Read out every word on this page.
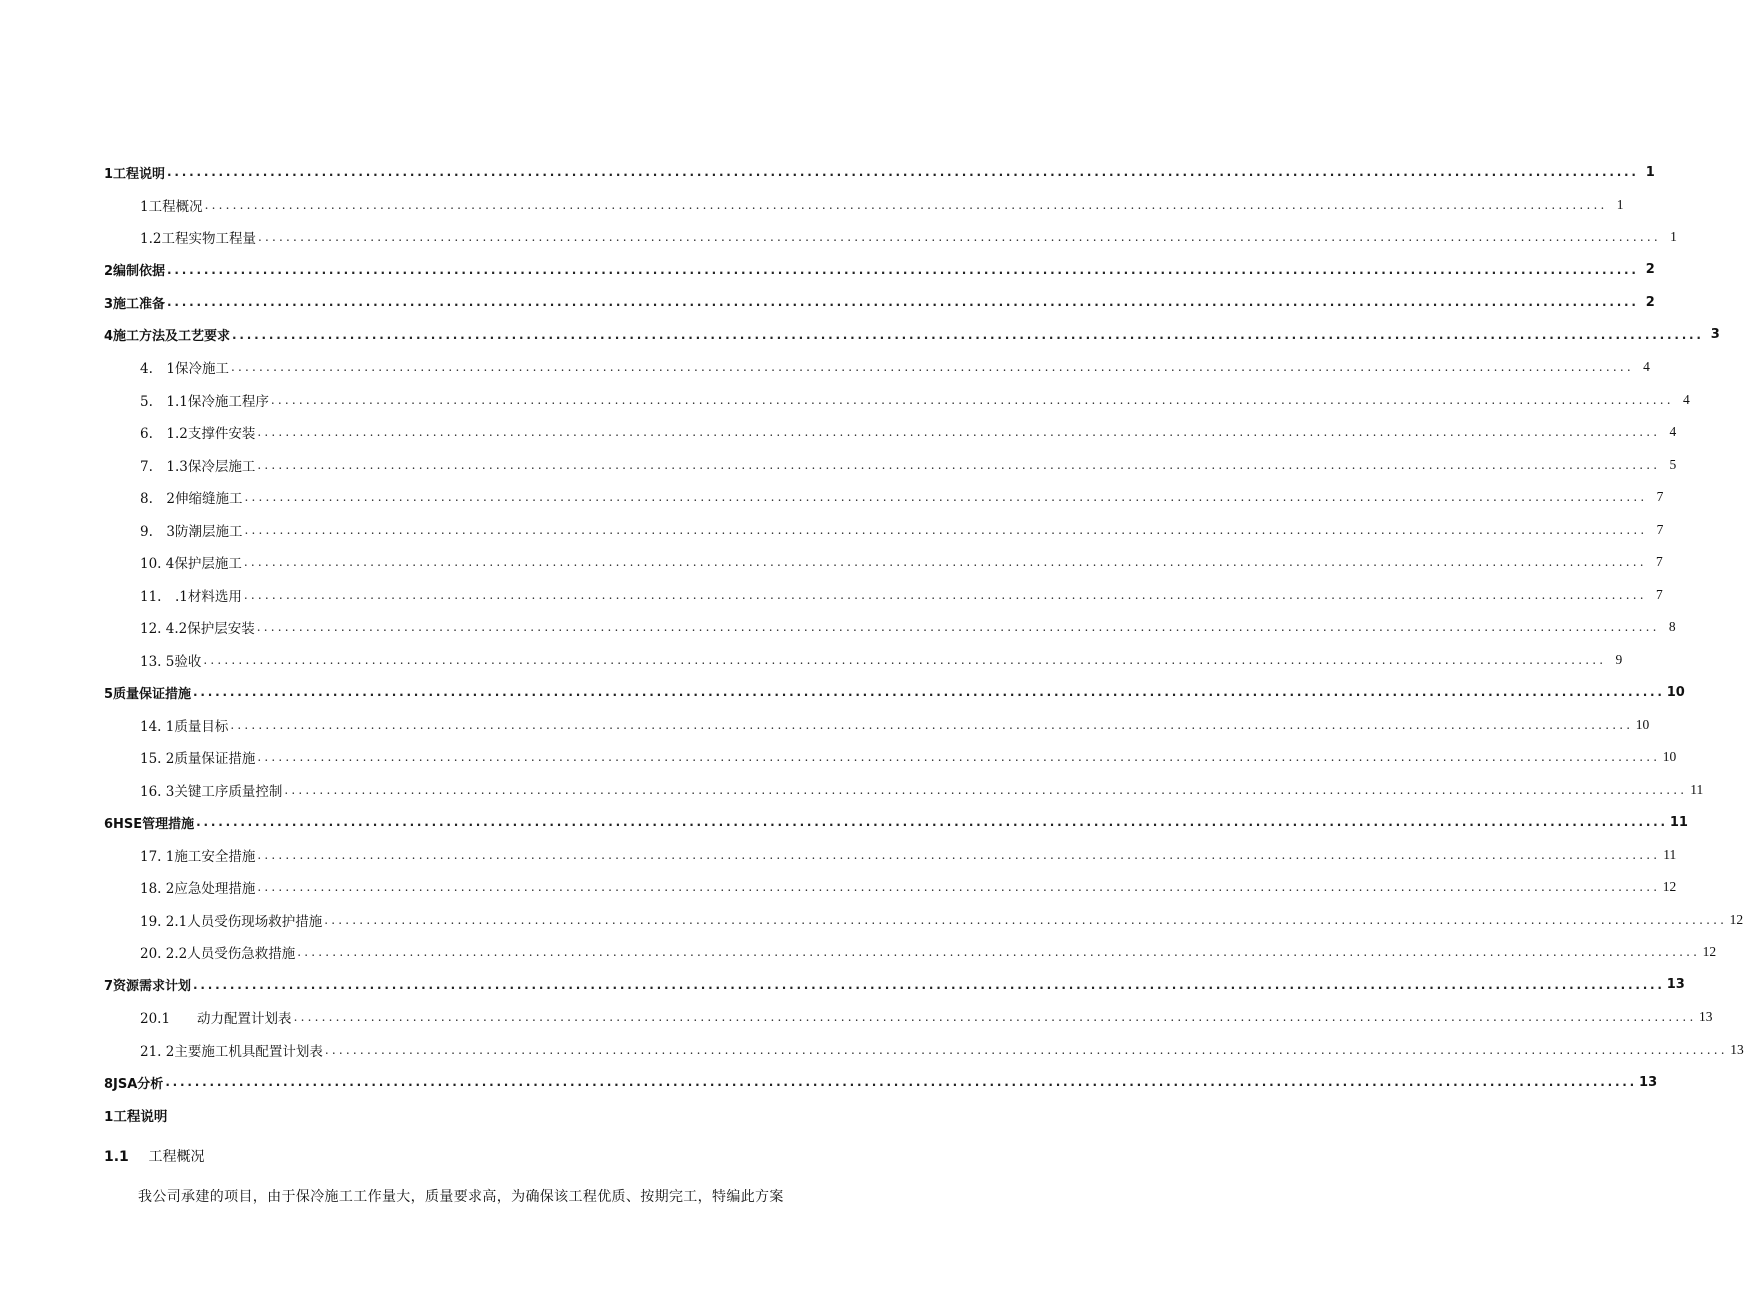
1工程说明 ........................................................................................................................................................................................................ 1
1工程概况 ........................................................................................................................................................................................................ 1
1.2工程实物工程量 ........................................................................................................................................................................................................ 1
2编制依据 ........................................................................................................................................................................................................ 2
3施工准备 ........................................................................................................................................................................................................ 2
4施工方法及工艺要求 ........................................................................................................................................................................................................ 3
4.　1保冷施工 ........................................................................................................................................................................................................ 4
5.　1.1保冷施工程序 ........................................................................................................................................................................................................ 4
6.　1.2支撑件安装 ........................................................................................................................................................................................................ 4
7.　1.3保冷层施工 ........................................................................................................................................................................................................ 5
8.　2伸缩缝施工 ........................................................................................................................................................................................................ 7
9.　3防潮层施工 ........................................................................................................................................................................................................ 7
10. 4保护层施工 ........................................................................................................................................................................................................ 7
11.　.1材料选用 ........................................................................................................................................................................................................ 7
12. 4.2保护层安装 ........................................................................................................................................................................................................ 8
13. 5验收 ........................................................................................................................................................................................................ 9
5质量保证措施 ........................................................................................................................................................................................................ 10
14. 1质量目标 ........................................................................................................................................................................................................ 10
15. 2质量保证措施 ........................................................................................................................................................................................................ 10
16. 3关键工序质量控制 ........................................................................................................................................................................................................ 11
6HSE管理措施 ........................................................................................................................................................................................................ 11
17. 1施工安全措施 ........................................................................................................................................................................................................ 11
18. 2应急处理措施 ........................................................................................................................................................................................................ 12
19. 2.1人员受伤现场救护措施 ........................................................................................................................................................................................................ 12
20. 2.2人员受伤急救措施 ........................................................................................................................................................................................................ 12
7资源需求计划 ........................................................................................................................................................................................................ 13
20.1　　动力配置计划表 ........................................................................................................................................................................................................ 13
21. 2主要施工机具配置计划表 ........................................................................................................................................................................................................ 13
8JSA分析 ........................................................................................................................................................................................................ 13
1工程说明
1.1 工程概况
我公司承建的项目，由于保冷施工工作量大，质量要求高，为确保该工程优质、按期完工，特编此方案
